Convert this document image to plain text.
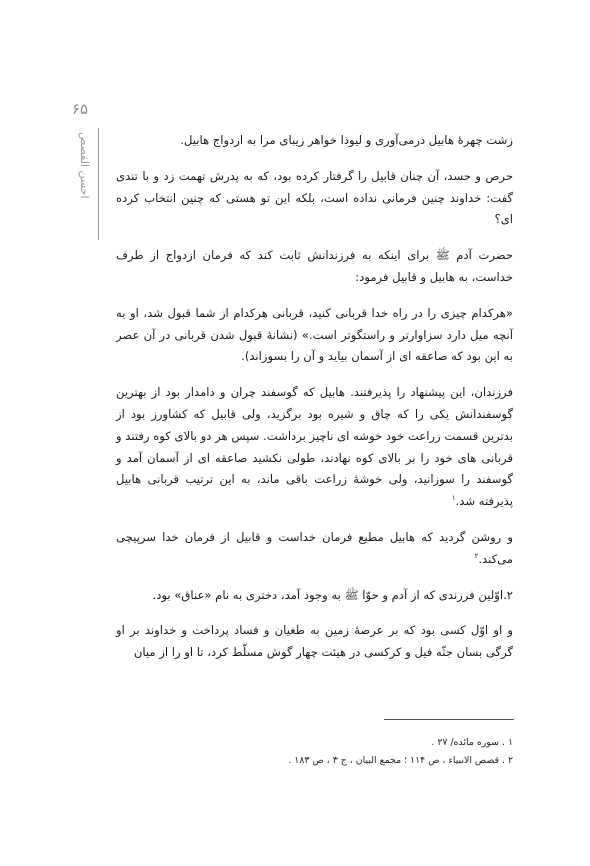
۶۵
احسن القصص	زشت چهرهٔ هابیل درمی‌آوری و لیوذا خواهر زیبای مرا به ازدواج هابیل.

حرص و حسد، آن چنان قابیل را گرفتار کرده بود، که به پدرش تهمت زد و با تندی گفت: خداوند چنین فرمانی نداده است، بلکه این تو هستی که چنین انتخاب کرده ای؟

حضرت آدم ﷺ برای اینکه به فرزندانش ثابت کند که فرمان ازدواج از طرف خداست، به هابیل و قابیل فرمود:

«هرکدام چیزی را در راه خدا قربانی کنید، قربانی هرکدام از شما قبول شد، او به آنچه میل دارد سزاوارتر و راستگوتر است.» (نشانهٔ قبول شدن قربانی در آن عصر به این بود که صاعقه ای از آسمان بیاید و آن را بسوزاند).

فرزندان، این پیشنهاد را پذیرفتند. هابیل که گوسفند چران و دامدار بود از بهترین گوسفندانش یکی را که چاق و شیره بود برگزید، ولی قابیل که کشاورز بود از بدترین قسمت زراعت خود خوشه ای ناچیز برداشت. سپس هر دو بالای کوه رفتند و قربانی های خود را بر بالای کوه نهادند، طولی نکشید صاعقه ای از آسمان آمد و گوسفند را سوزانید، ولی خوشهٔ زراعت باقی ماند، به این ترتیب قربانی هابیل پذیرفته شد.$^۱$

و روشن گردید که هابیل مطیع فرمان خداست و قابیل از فرمان خدا سرپیچی می‌کند.$^۲$

۲.اوّلین فرزندی که از آدم و حوّا ﷺ به وجود آمد، دختری به نام «عناق» بود.

و او اوّل کسی بود که بر عرصهٔ زمین به طغیان و فساد پرداخت و خداوند بر او گرگی بسان جثّه فیل و کرکسی در هیئت چهار گوش مسلّط کرد، تا او را از میان

۱ . سوره مائده/ ۲۷ .
۲ . قصص الانبیاء ، ص ۱۱۴ ؛ مجمع البیان ، ج ۳ ، ص ۱۸۳ .
